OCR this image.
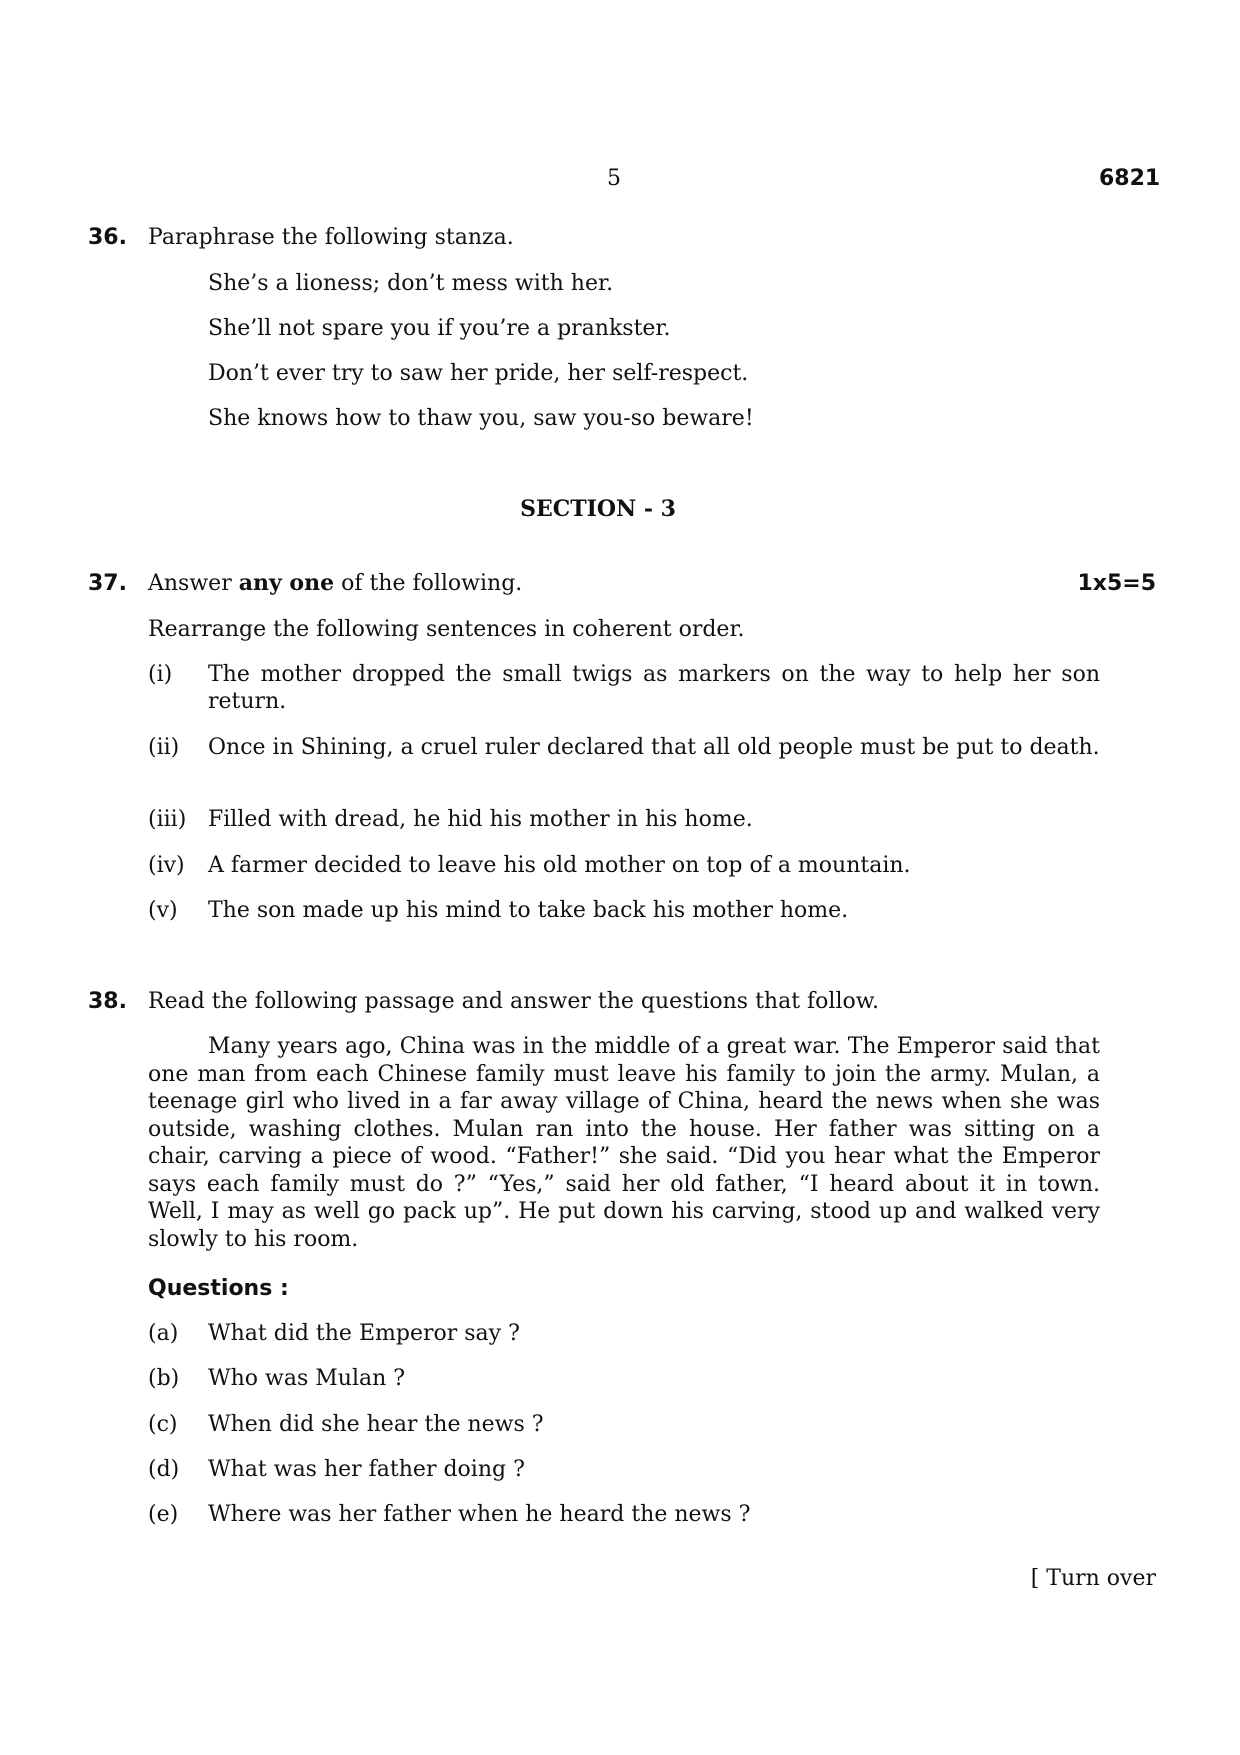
5	6821
36. Paraphrase the following stanza.
She’s a lioness; don’t mess with her.
She’ll not spare you if you’re a prankster.
Don’t ever try to saw her pride, her self-respect.
She knows how to thaw you, saw you-so beware!
SECTION - 3
37. Answer any one of the following.	1x5=5
Rearrange the following sentences in coherent order.
(i) The mother dropped the small twigs as markers on the way to help her son return.
(ii) Once in Shining, a cruel ruler declared that all old people must be put to death.
(iii) Filled with dread, he hid his mother in his home.
(iv) A farmer decided to leave his old mother on top of a mountain.
(v) The son made up his mind to take back his mother home.
38. Read the following passage and answer the questions that follow.
Many years ago, China was in the middle of a great war. The Emperor said that one man from each Chinese family must leave his family to join the army. Mulan, a teenage girl who lived in a far away village of China, heard the news when she was outside, washing clothes. Mulan ran into the house. Her father was sitting on a chair, carving a piece of wood. “Father!” she said. “Did you hear what the Emperor says each family must do ?” “Yes,” said her old father, “I heard about it in town. Well, I may as well go pack up”. He put down his carving, stood up and walked very slowly to his room.
Questions :
(a) What did the Emperor say ?
(b) Who was Mulan ?
(c) When did she hear the news ?
(d) What was her father doing ?
(e) Where was her father when he heard the news ?
[ Turn over
